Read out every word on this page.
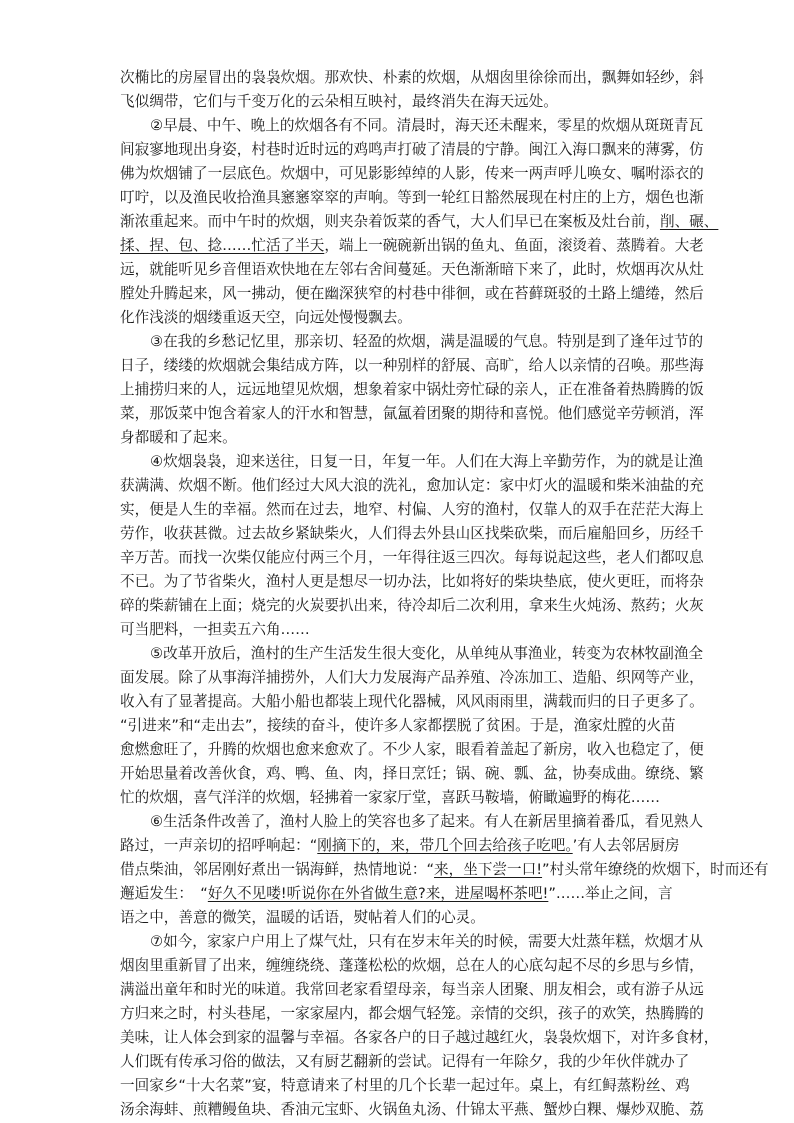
次椭比的房屋冒出的袅袅炊烟。那欢快、朴素的炊烟，从烟囱里徐徐而出，飘舞如轻纱，斜
飞似绸带，它们与千变万化的云朵相互映衬，最终消失在海天远处。
②早晨、中午、晚上的炊烟各有不同。清晨时，海天还未醒来，零星的炊烟从斑斑青瓦
间寂寥地现出身姿，村巷时近时远的鸡鸣声打破了清晨的宁静。闽江入海口飘来的薄雾，仿
佛为炊烟铺了一层底色。炊烟中，可见影影绰绰的人影，传来一两声呼儿唤女、嘱咐添衣的
叮咛，以及渔民收拾渔具窸窸窣窣的声响。等到一轮红日豁然展现在村庄的上方，烟色也渐
渐浓重起来。而中午时的炊烟，则夹杂着饭菜的香气，大人们早已在案板及灶台前，削、碾、
揉、捏、包、捻……忙活了半天，端上一碗碗新出锅的鱼丸、鱼面，滚烫着、蒸腾着。大老
远，就能听见乡音俚语欢快地在左邻右舍间蔓延。天色渐渐暗下来了，此时，炊烟再次从灶
膛处升腾起来，风一拂动，便在幽深狭窄的村巷中徘徊，或在苔藓斑驳的土路上缱绻，然后
化作浅淡的烟缕重返天空，向远处慢慢飘去。
③在我的乡愁记忆里，那亲切、轻盈的炊烟，满是温暖的气息。特别是到了逢年过节的
日子，缕缕的炊烟就会集结成方阵，以一种别样的舒展、高旷，给人以亲情的召唤。那些海
上捕捞归来的人，远远地望见炊烟，想象着家中锅灶旁忙碌的亲人，正在准备着热腾腾的饭
菜，那饭菜中饱含着家人的汗水和智慧，氤氲着团聚的期待和喜悦。他们感觉辛劳顿消，浑
身都暖和了起来。
④炊烟袅袅，迎来送往，日复一日，年复一年。人们在大海上辛勤劳作，为的就是让渔
获满满、炊烟不断。他们经过大风大浪的洗礼，愈加认定：家中灯火的温暖和柴米油盐的充
实，便是人生的幸福。然而在过去，地窄、村偏、人穷的渔村，仅靠人的双手在茫茫大海上
劳作，收获甚微。过去故乡紧缺柴火，人们得去外县山区找柴砍柴，而后雇船回乡，历经千
辛万苦。而找一次柴仅能应付两三个月，一年得往返三四次。每每说起这些，老人们都叹息
不已。为了节省柴火，渔村人更是想尽一切办法，比如将好的柴块垫底，使火更旺，而将杂
碎的柴薪铺在上面；烧完的火炭要扒出来，待冷却后二次利用，拿来生火炖汤、熬药；火灰
可当肥料，一担卖五六角……
⑤改革开放后，渔村的生产生活发生很大变化，从单纯从事渔业，转变为农林牧副渔全
面发展。除了从事海洋捕捞外，人们大力发展海产品养殖、冷冻加工、造船、织网等产业，
收入有了显著提高。大船小船也都装上现代化器械，风风雨雨里，满载而归的日子更多了。
“引进来”和“走出去”，接续的奋斗，使许多人家都摆脱了贫困。于是，渔家灶膛的火苗
愈燃愈旺了，升腾的炊烟也愈来愈欢了。不少人家，眼看着盖起了新房，收入也稳定了，便
开始思量着改善伙食，鸡、鸭、鱼、肉，择日烹饪；锅、碗、瓢、盆，协奏成曲。缭绕、繁
忙的炊烟，喜气洋洋的炊烟，轻拂着一家家厅堂，喜跃马鞍墙，俯瞰遍野的梅花……
⑥生活条件改善了，渔村人脸上的笑容也多了起来。有人在新居里摘着番瓜，看见熟人
路过，一声亲切的招呼响起：“刚摘下的，来，带几个回去给孩子吃吧。’有人去邻居厨房
借点柴油，邻居刚好煮出一锅海鲜，热情地说：“来，坐下尝一口!”村头常年缭绕的炊烟下，时而还有
邂逅发生：　“好久不见喽!听说你在外省做生意?来，进屋喝杯茶吧!”……举止之间，言
语之中，善意的微笑，温暖的话语，熨帖着人们的心灵。
⑦如今，家家户户用上了煤气灶，只有在岁末年关的时候，需要大灶蒸年糕，炊烟才从
烟囱里重新冒了出来，缠缠绕绕、蓬蓬松松的炊烟，总在人的心底勾起不尽的乡思与乡情，
满溢出童年和时光的味道。我常回老家看望母亲，每当亲人团聚、朋友相会，或有游子从远
方归来之时，村头巷尾，一家家屋内，都会烟气轻笼。亲情的交织，孩子的欢笑，热腾腾的
美味，让人体会到家的温馨与幸福。各家各户的日子越过越红火，袅袅炊烟下，对许多食材，
人们既有传承习俗的做法，又有厨艺翻新的尝试。记得有一年除夕，我的少年伙伴就办了
一回家乡“十大名菜”宴，特意请来了村里的几个长辈一起过年。桌上，有红鲟蒸粉丝、鸡
汤余海蚌、煎糟鳗鱼块、香油元宝虾、火锅鱼丸汤、什锦太平燕、蟹炒白粿、爆炒双脆、荔
